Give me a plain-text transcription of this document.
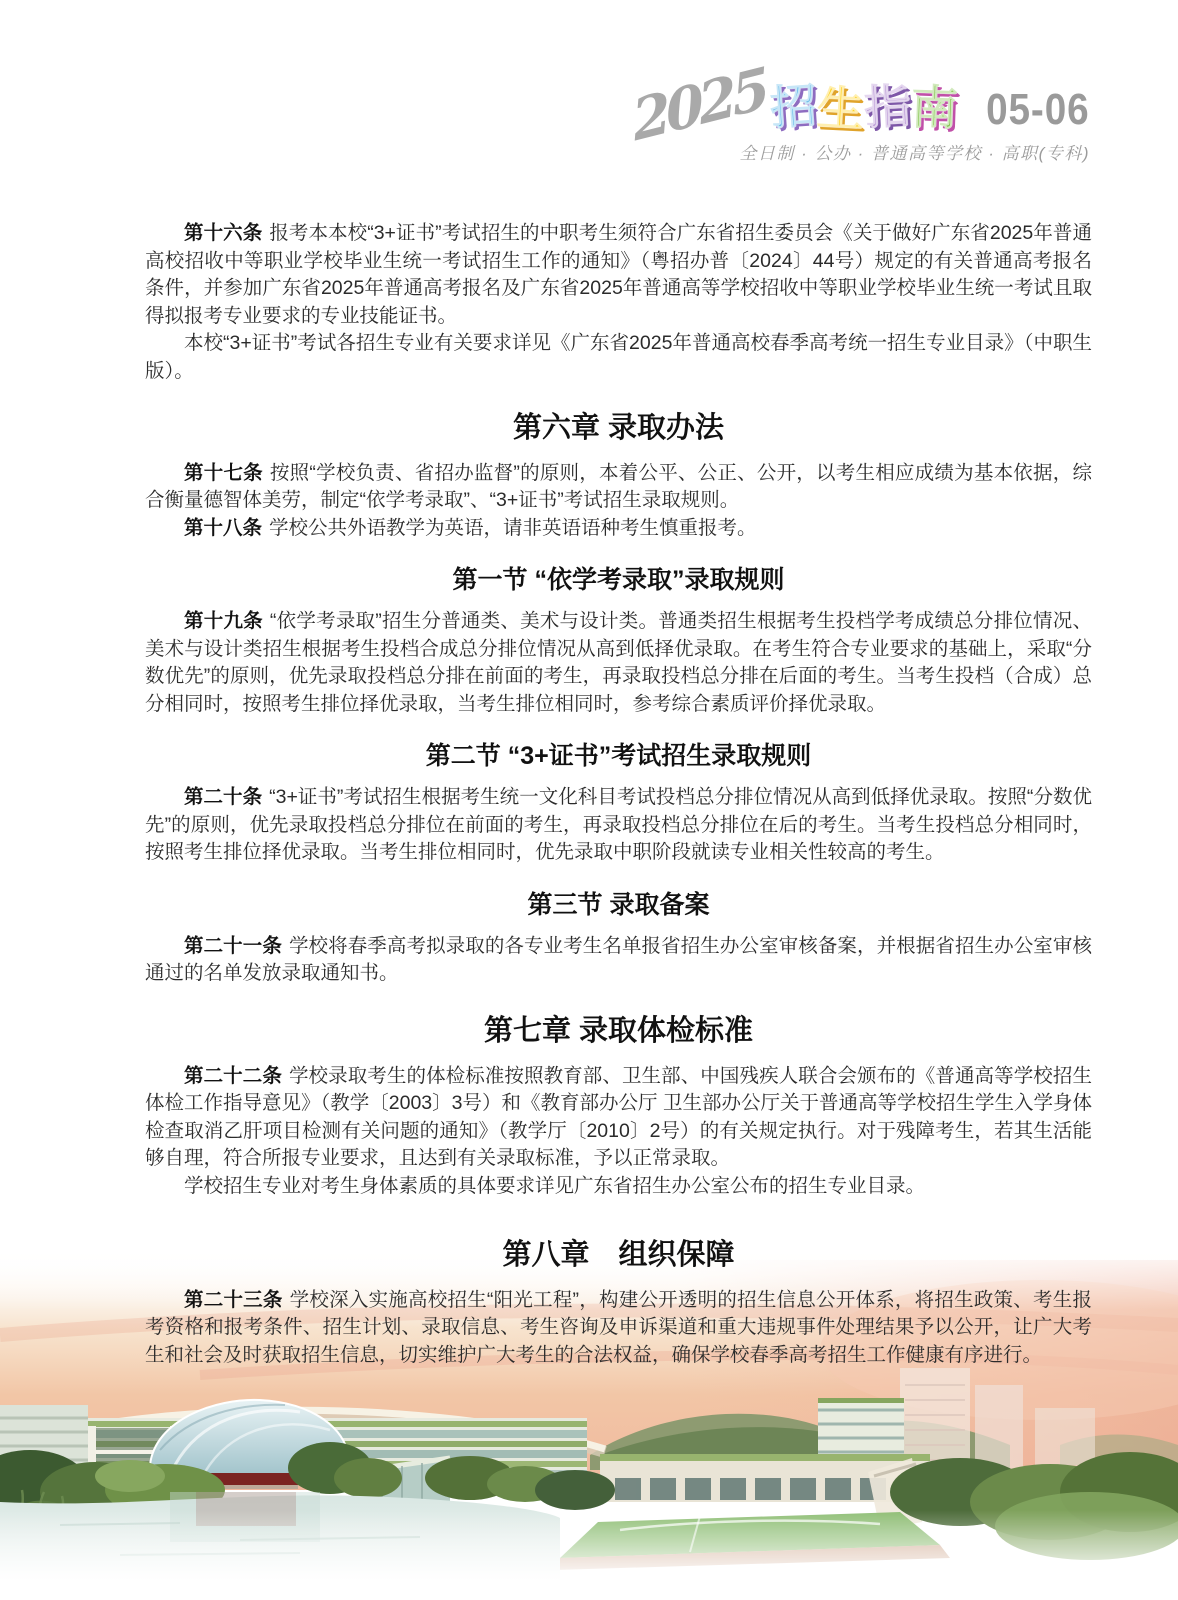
2025 招生指南 05-06
全日制 · 公办 · 普通高等学校 · 高职(专科)

第十六条 报考本本校“3+证书”考试招生的中职考生须符合广东省招生委员会《关于做好广东省2025年普通高校招收中等职业学校毕业生统一考试招生工作的通知》（粤招办普〔2024〕44号）规定的有关普通高考报名条件，并参加广东省2025年普通高考报名及广东省2025年普通高等学校招收中等职业学校毕业生统一考试且取得拟报考专业要求的专业技能证书。

本校“3+证书”考试各招生专业有关要求详见《广东省2025年普通高校春季高考统一招生专业目录》（中职生版）。

第六章 录取办法

第十七条 按照“学校负责、省招办监督”的原则，本着公平、公正、公开，以考生相应成绩为基本依据，综合衡量德智体美劳，制定“依学考录取”、“3+证书”考试招生录取规则。

第十八条 学校公共外语教学为英语，请非英语语种考生慎重报考。

第一节 “依学考录取”录取规则

第十九条 “依学考录取”招生分普通类、美术与设计类。普通类招生根据考生投档学考成绩总分排位情况、美术与设计类招生根据考生投档合成总分排位情况从高到低择优录取。在考生符合专业要求的基础上，采取“分数优先”的原则，优先录取投档总分排在前面的考生，再录取投档总分排在后面的考生。当考生投档（合成）总分相同时，按照考生排位择优录取，当考生排位相同时，参考综合素质评价择优录取。

第二节 “3+证书”考试招生录取规则

第二十条 “3+证书”考试招生根据考生统一文化科目考试投档总分排位情况从高到低择优录取。按照“分数优先”的原则，优先录取投档总分排位在前面的考生，再录取投档总分排位在后的考生。当考生投档总分相同时，按照考生排位择优录取。当考生排位相同时，优先录取中职阶段就读专业相关性较高的考生。

第三节 录取备案

第二十一条 学校将春季高考拟录取的各专业考生名单报省招生办公室审核备案，并根据省招生办公室审核通过的名单发放录取通知书。

第七章 录取体检标准

第二十二条 学校录取考生的体检标准按照教育部、卫生部、中国残疾人联合会颁布的《普通高等学校招生体检工作指导意见》（教学〔2003〕3号）和《教育部办公厅 卫生部办公厅关于普通高等学校招生学生入学身体检查取消乙肝项目检测有关问题的通知》（教学厅〔2010〕2号）的有关规定执行。对于残障考生，若其生活能够自理，符合所报专业要求，且达到有关录取标准，予以正常录取。

学校招生专业对考生身体素质的具体要求详见广东省招生办公室公布的招生专业目录。

第八章　组织保障

第二十三条 学校深入实施高校招生“阳光工程”，构建公开透明的招生信息公开体系，将招生政策、考生报考资格和报考条件、招生计划、录取信息、考生咨询及申诉渠道和重大违规事件处理结果予以公开，让广大考生和社会及时获取招生信息，切实维护广大考生的合法权益，确保学校春季高考招生工作健康有序进行。
